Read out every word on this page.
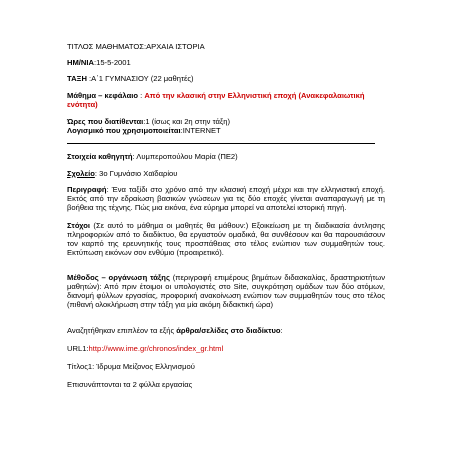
ΤΙΤΛΟΣ ΜΑΘΗΜΑΤΟΣ:ΑΡΧΑΙΑ ΙΣΤΟΡΙΑ

ΗΜ/ΝΙΑ:15-5-2001

ΤΑΞΗ :Α΄1 ΓΥΜΝΑΣΙΟΥ (22 μαθητές)

Μάθημα – κεφάλαιο : Από την κλασική στην Ελληνιστική εποχή (Ανακεφαλαιωτική ενότητα)

Ώρες που διατίθενται:1 (ίσως και 2η στην τάξη)

Λογισμικό που χρησιμοποιείται:INTERNET

Στοιχεία καθηγητή: Λυμπεροπούλου Μαρία (ΠΕ2)

Σχολείο: 3ο Γυμνάσιο Χαϊδαρίου

Περιγραφή: Ένα ταξίδι στο χρόνο από την κλασική εποχή μέχρι και την ελληνιστική εποχή. Εκτός από την εδραίωση βασικών γνώσεων για τις δύο εποχές γίνεται αναπαραγωγή με τη βοήθεια της τέχνης. Πώς μια εικόνα, ένα εύρημα μπορεί να αποτελεί ιστορική πηγή.

Στόχοι (Σε αυτό το μάθημα οι μαθητές θα μάθουν:) Εξοικείωση με τη διαδικασία άντλησης πληροφοριών από το διαδίκτυο, θα εργαστούν ομαδικά, θα συνθέσουν και θα παρουσιάσουν τον καρπό της ερευνητικής τους προσπάθειας στο τέλος ενώπιον των συμμαθητών τους. Εκτύπωση εικόνων σον ενθύμιο (προαιρετικό).

Μέθοδος – οργάνωση τάξης (περιγραφή επιμέρους βημάτων διδασκαλίας, δραστηριοτήτων μαθητών): Από πριν έτοιμοι οι υπολογιστές στο Site, συγκρότηση ομάδων των δύο ατόμων, διανομή φύλλων εργασίας, προφορική ανακοίνωση ενώπιον των συμμαθητών τους στο τέλος (πιθανή ολοκλήρωση στην τάξη για μία ακόμη διδακτική ώρα)

Αναζητήθηκαν επιπλέον τα εξής άρθρα/σελίδες στο διαδίκτυο:

URL1:http://www.ime.gr/chronos/index_gr.html

Τίτλος1: Ίδρυμα Μείζονος Ελληνισμού

Επισυνάπτονται τα 2 φύλλα εργασίας
